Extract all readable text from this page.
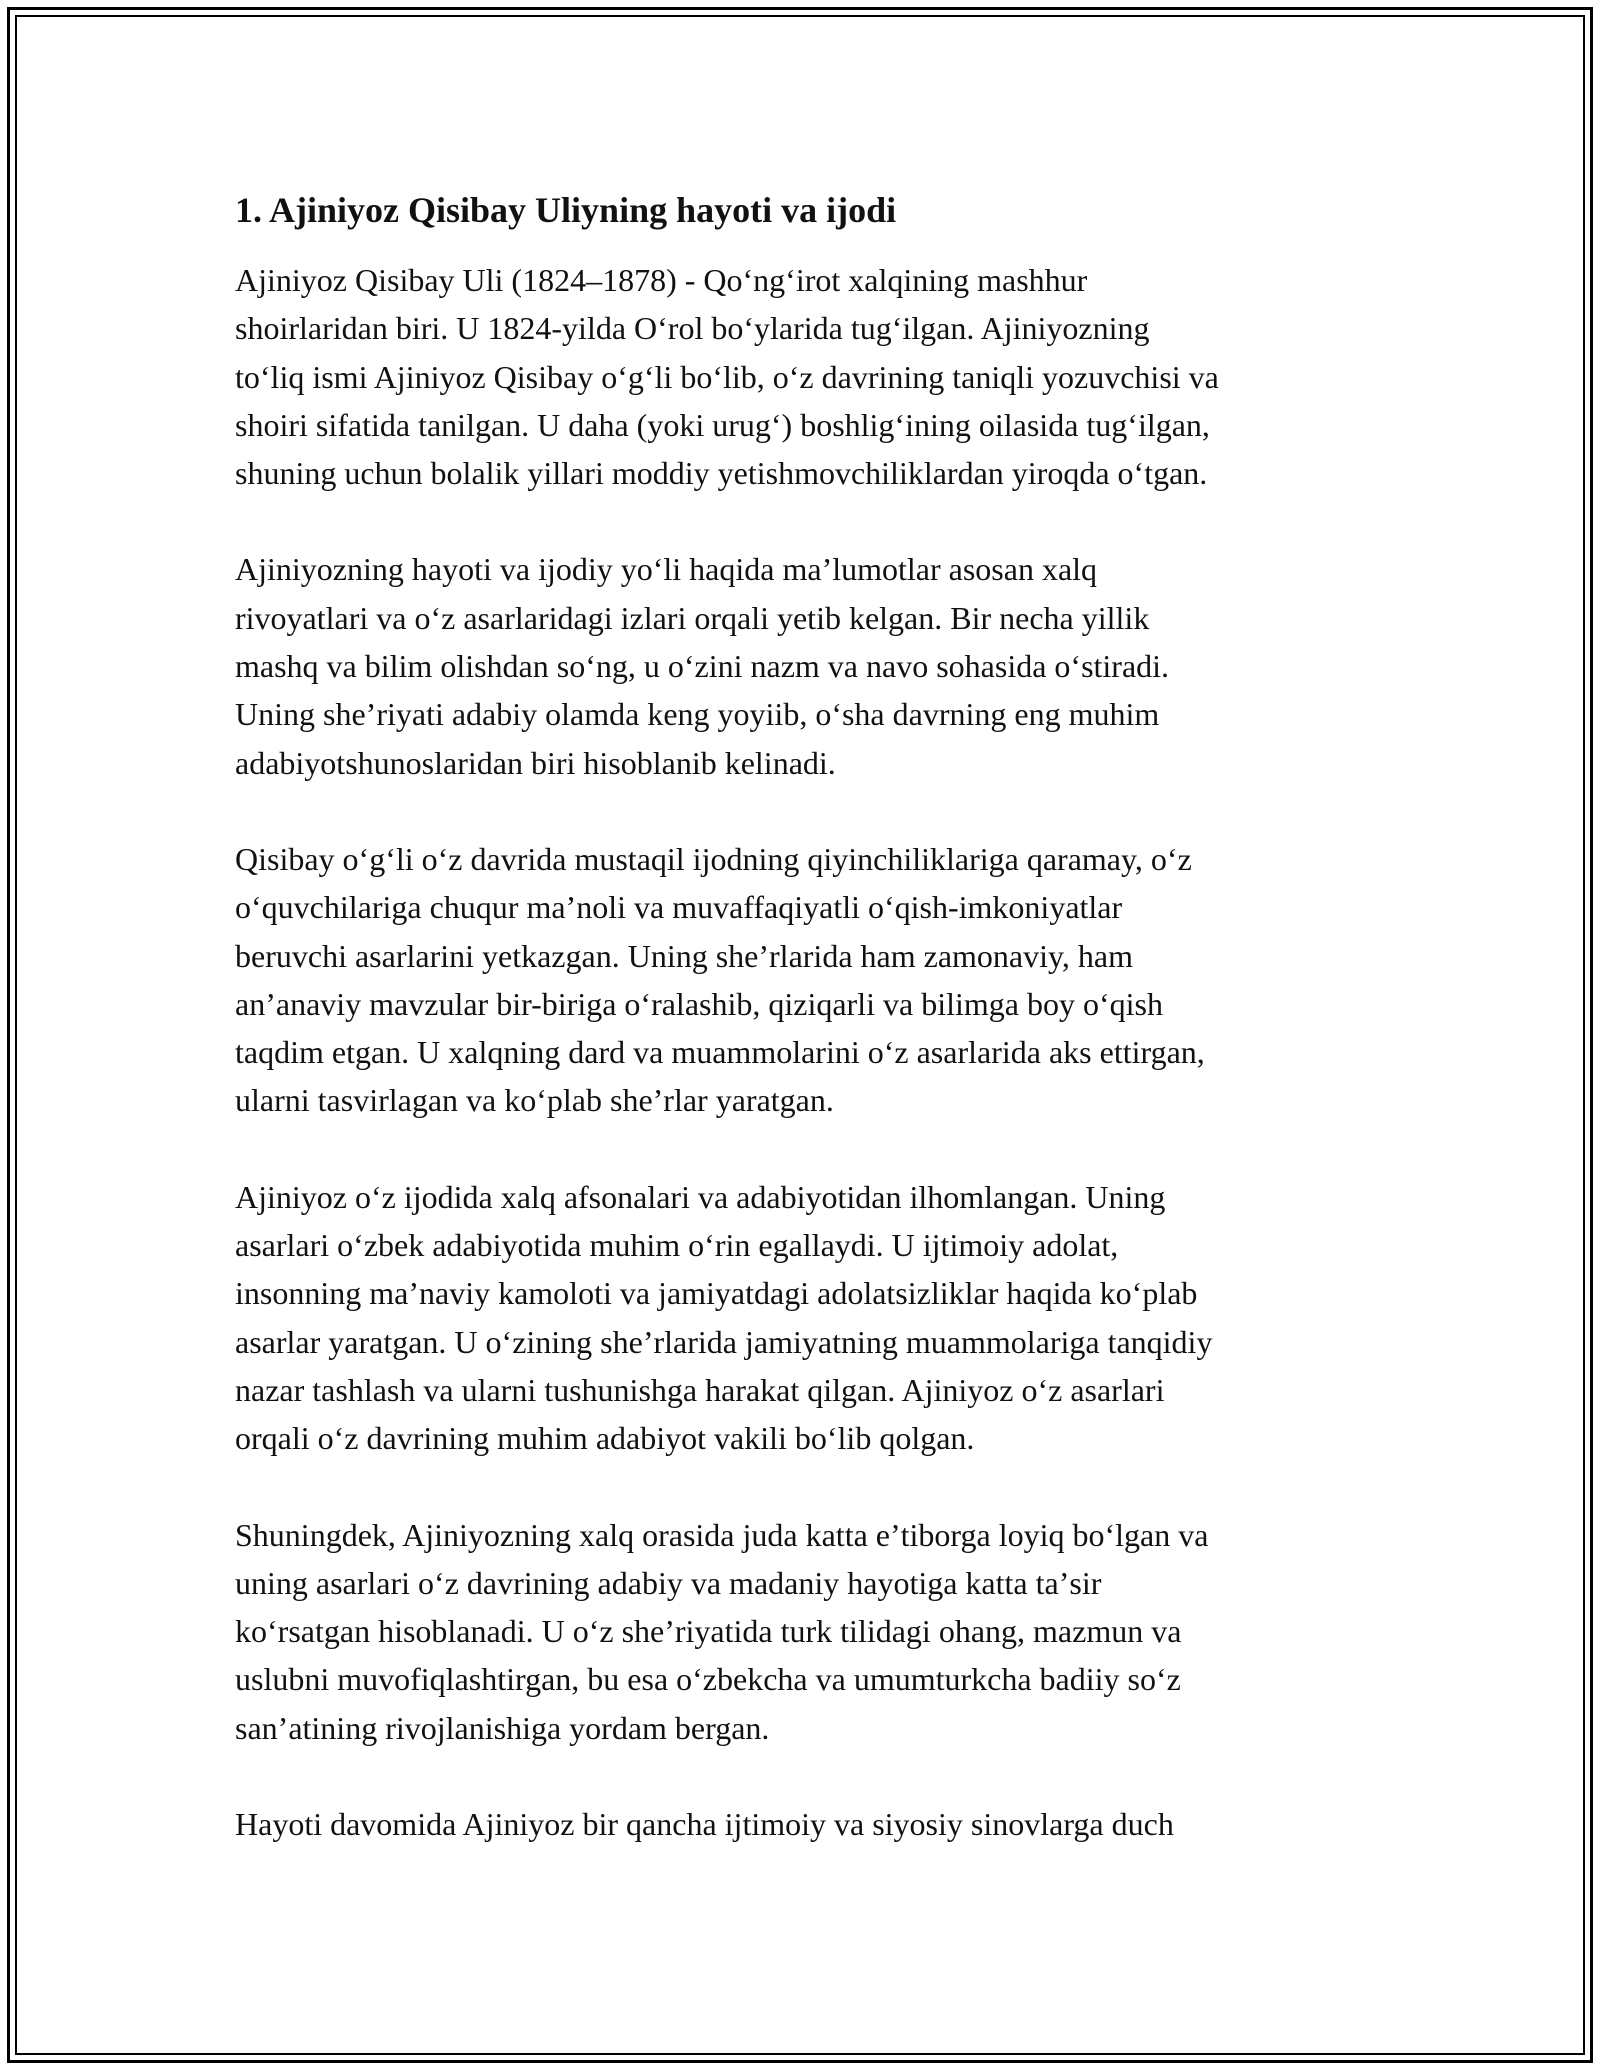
1. Ajiniyoz Qisibay Uliyning hayoti va ijodi

Ajiniyoz Qisibay Uli (1824–1878) - Qoʻngʻirot xalqining mashhur
shoirlaridan biri. U 1824-yilda Oʻrol boʻylarida tugʻilgan. Ajiniyozning
toʻliq ismi Ajiniyoz Qisibay oʻgʻli boʻlib, oʻz davrining taniqli yozuvchisi va
shoiri sifatida tanilgan. U daha (yoki urugʻ) boshligʻining oilasida tugʻilgan,
shuning uchun bolalik yillari moddiy yetishmovchiliklardan yiroqda oʻtgan.

Ajiniyozning hayoti va ijodiy yoʻli haqida maʼlumotlar asosan xalq
rivoyatlari va oʻz asarlaridagi izlari orqali yetib kelgan. Bir necha yillik
mashq va bilim olishdan soʻng, u oʻzini nazm va navo sohasida oʻstiradi.
Uning sheʼriyati adabiy olamda keng yoyiib, oʻsha davrning eng muhim
adabiyotshunoslaridan biri hisoblanib kelinadi.

Qisibay oʻgʻli oʻz davrida mustaqil ijodning qiyinchiliklariga qaramay, oʻz
oʻquvchilariga chuqur maʼnoli va muvaffaqiyatli oʻqish-imkoniyatlar
beruvchi asarlarini yetkazgan. Uning sheʼrlarida ham zamonaviy, ham
anʼanaviy mavzular bir-biriga oʻralashib, qiziqarli va bilimga boy oʻqish
taqdim etgan. U xalqning dard va muammolarini oʻz asarlarida aks ettirgan,
ularni tasvirlagan va koʻplab sheʼrlar yaratgan.

Ajiniyoz oʻz ijodida xalq afsonalari va adabiyotidan ilhomlangan. Uning
asarlari oʻzbek adabiyotida muhim oʻrin egallaydi. U ijtimoiy adolat,
insonning maʼnaviy kamoloti va jamiyatdagi adolatsizliklar haqida koʻplab
asarlar yaratgan. U oʻzining sheʼrlarida jamiyatning muammolariga tanqidiy
nazar tashlash va ularni tushunishga harakat qilgan. Ajiniyoz oʻz asarlari
orqali oʻz davrining muhim adabiyot vakili boʻlib qolgan.

Shuningdek, Ajiniyozning xalq orasida juda katta eʼtiborga loyiq boʻlgan va
uning asarlari oʻz davrining adabiy va madaniy hayotiga katta taʼsir
koʻrsatgan hisoblanadi. U oʻz sheʼriyatida turk tilidagi ohang, mazmun va
uslubni muvofiqlashtirgan, bu esa oʻzbekcha va umumturkcha badiiy soʻz
sanʼatining rivojlanishiga yordam bergan.

Hayoti davomida Ajiniyoz bir qancha ijtimoiy va siyosiy sinovlarga duch
